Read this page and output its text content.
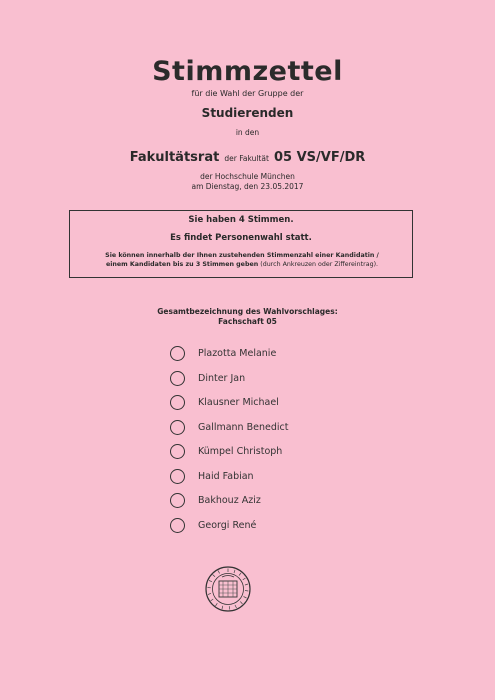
Stimmzettel
für die Wahl der Gruppe der
Studierenden
in den
Fakultätsrat der Fakultät 05 VS/VF/DR
der Hochschule München
am Dienstag, den 23.05.2017
Sie haben 4 Stimmen.
Es findet Personenwahl statt.
Sie können innerhalb der Ihnen zustehenden Stimmenzahl einer Kandidatin /
einem Kandidaten bis zu 3 Stimmen geben (durch Ankreuzen oder Ziffereintrag).
Gesamtbezeichnung des Wahlvorschlages:
Fachschaft 05
Plazotta Melanie
Dinter Jan
Klausner Michael
Gallmann Benedict
Kümpel Christoph
Haid Fabian
Bakhouz Aziz
Georgi René
